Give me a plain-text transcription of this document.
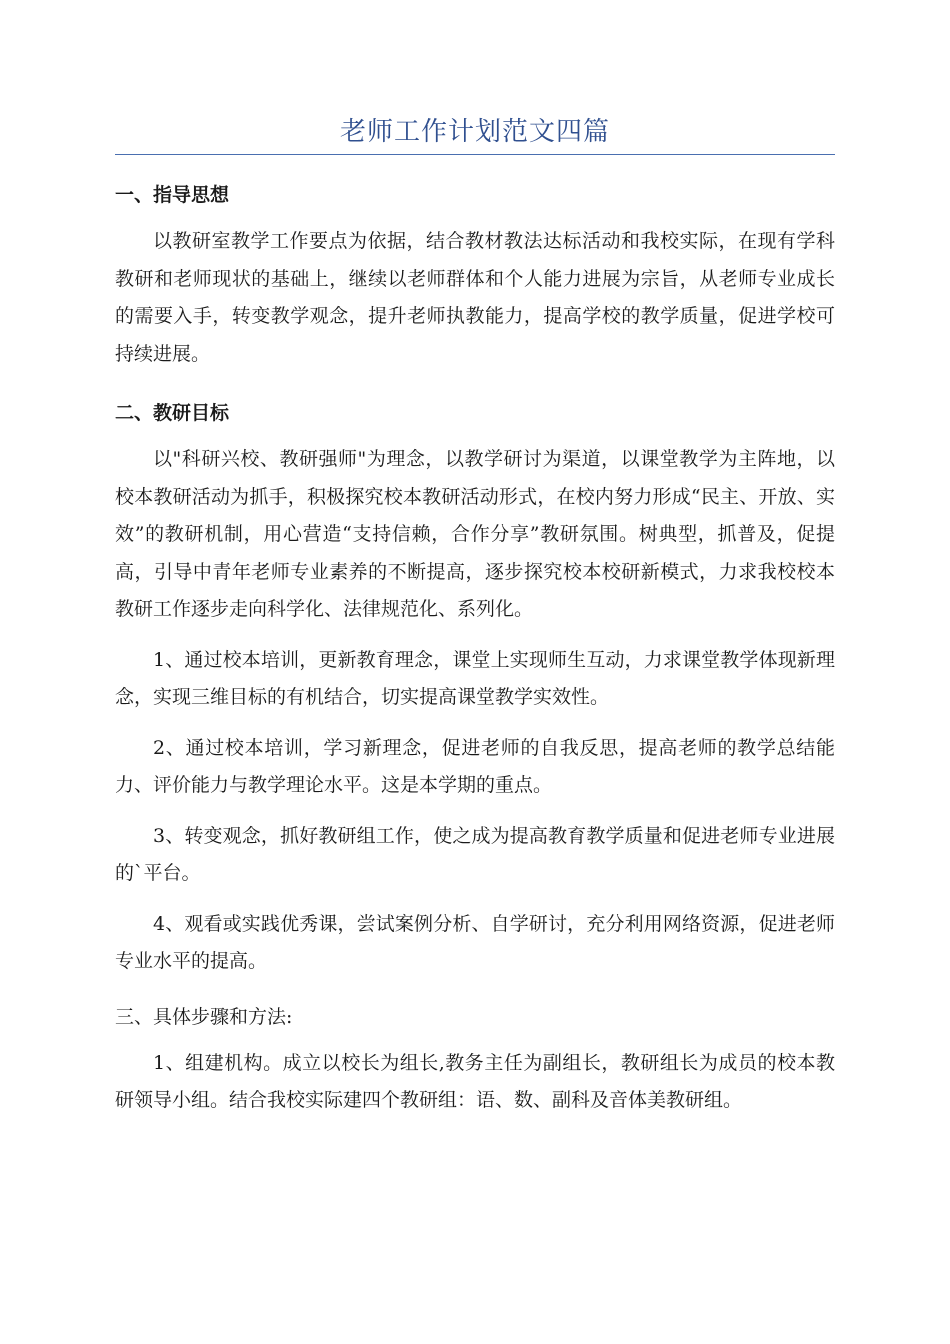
老师工作计划范文四篇
一、指导思想

以教研室教学工作要点为依据，结合教材教法达标活动和我校实际，在现有学科教研和老师现状的基础上，继续以老师群体和个人能力进展为宗旨，从老师专业成长的需要入手，转变教学观念，提升老师执教能力，提高学校的教学质量，促进学校可持续进展。

二、教研目标

以"科研兴校、教研强师"为理念，以教学研讨为渠道，以课堂教学为主阵地，以校本教研活动为抓手，积极探究校本教研活动形式，在校内努力形成“民主、开放、实效”的教研机制，用心营造“支持信赖，合作分享”教研氛围。树典型，抓普及，促提高，引导中青年老师专业素养的不断提高，逐步探究校本校研新模式，力求我校校本教研工作逐步走向科学化、法律规范化、系列化。

1、通过校本培训，更新教育理念，课堂上实现师生互动，力求课堂教学体现新理念，实现三维目标的有机结合，切实提高课堂教学实效性。

2、通过校本培训，学习新理念，促进老师的自我反思，提高老师的教学总结能力、评价能力与教学理论水平。这是本学期的重点。

3、转变观念，抓好教研组工作，使之成为提高教育教学质量和促进老师专业进展的`平台。

4、观看或实践优秀课，尝试案例分析、自学研讨，充分利用网络资源，促进老师专业水平的提高。

三、具体步骤和方法:

1、组建机构。成立以校长为组长,教务主任为副组长，教研组长为成员的校本教研领导小组。结合我校实际建四个教研组：语、数、副科及音体美教研组。
